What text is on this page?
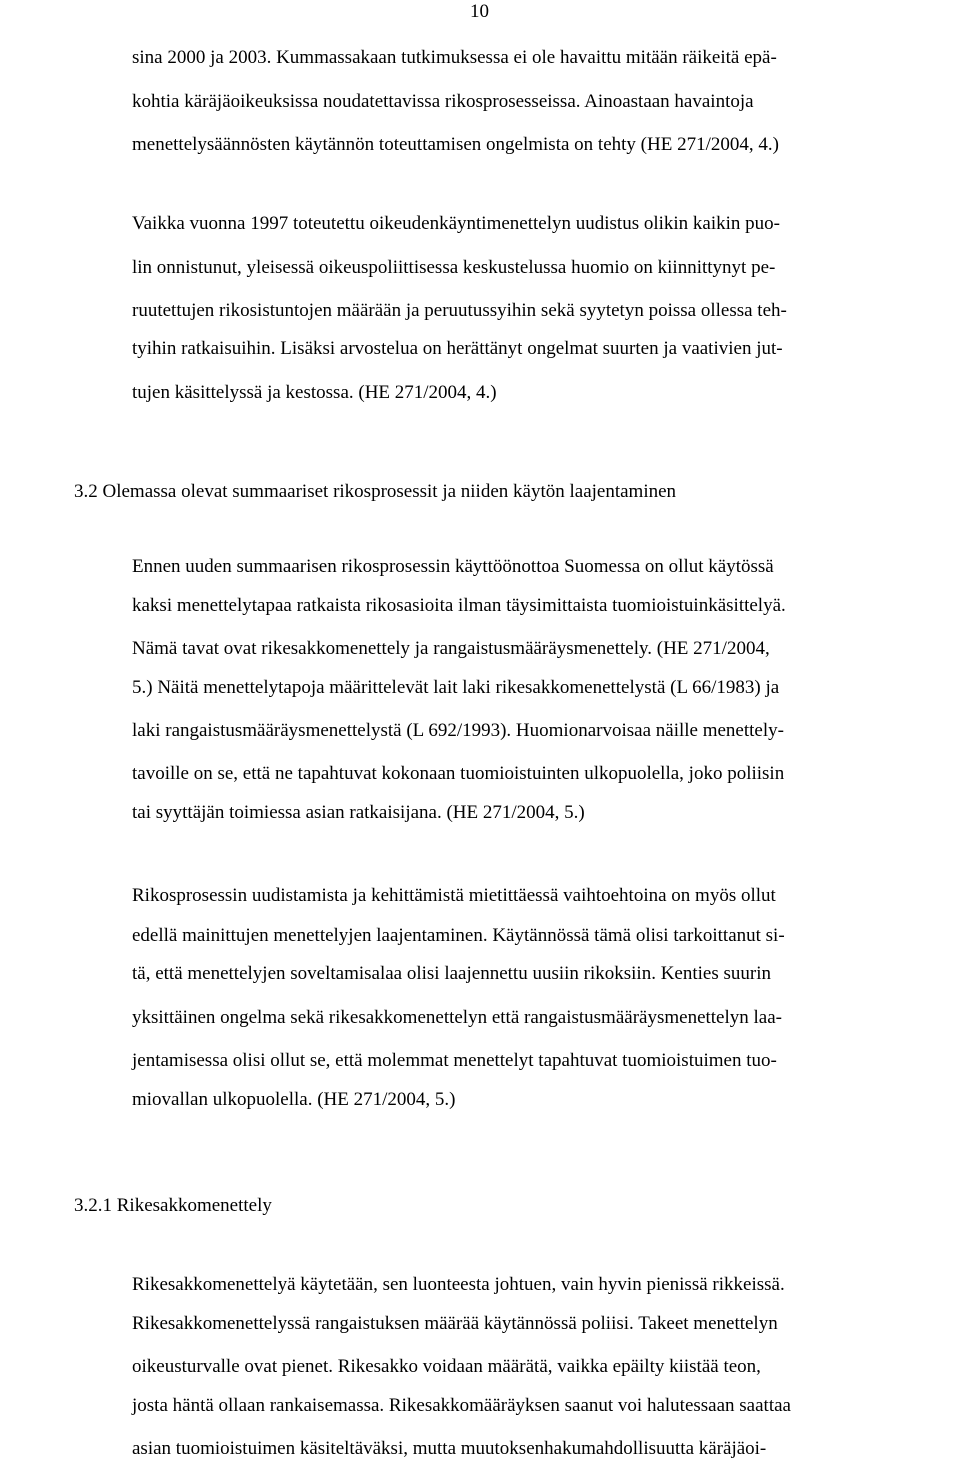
10
sina 2000 ja 2003. Kummassakaan tutkimuksessa ei ole havaittu mitään räikeitä epä-
kohtia käräjäoikeuksissa noudatettavissa rikosprosesseissa. Ainoastaan havaintoja
menettelysäännösten käytännön toteuttamisen ongelmista on tehty (HE 271/2004, 4.)
Vaikka vuonna 1997 toteutettu oikeudenkäyntimenettelyn uudistus olikin kaikin puo-
lin onnistunut, yleisessä oikeuspoliittisessa keskustelussa huomio on kiinnittynyt pe-
ruutettujen rikosistuntojen määrään ja peruutussyihin sekä syytetyn poissa ollessa teh-
tyihin ratkaisuihin. Lisäksi arvostelua on herättänyt ongelmat suurten ja vaativien jut-
tujen käsittelyssä ja kestossa. (HE 271/2004, 4.)
3.2 Olemassa olevat summaariset rikosprosessit ja niiden käytön laajentaminen
Ennen uuden summaarisen rikosprosessin käyttöönottoa Suomessa on ollut käytössä
kaksi menettelytapaa ratkaista rikosasioita ilman täysimittaista tuomioistuinkäsittelyä.
Nämä tavat ovat rikesakkomenettely ja rangaistusmääräysmenettely. (HE 271/2004,
5.) Näitä menettelytapoja määrittelevät lait laki rikesakkomenettelystä (L 66/1983) ja
laki rangaistusmääräysmenettelystä (L 692/1993). Huomionarvoisaa näille menettely-
tavoille on se, että ne tapahtuvat kokonaan tuomioistuinten ulkopuolella, joko poliisin
tai syyttäjän toimiessa asian ratkaisijana. (HE 271/2004, 5.)
Rikosprosessin uudistamista ja kehittämistä mietittäessä vaihtoehtoina on myös ollut
edellä mainittujen menettelyjen laajentaminen. Käytännössä tämä olisi tarkoittanut si-
tä, että menettelyjen soveltamisalaa olisi laajennettu uusiin rikoksiin. Kenties suurin
yksittäinen ongelma sekä rikesakkomenettelyn että rangaistusmääräysmenettelyn laa-
jentamisessa olisi ollut se, että molemmat menettelyt tapahtuvat tuomioistuimen tuo-
miovallan ulkopuolella. (HE 271/2004, 5.)
3.2.1 Rikesakkomenettely
Rikesakkomenettelyä käytetään, sen luonteesta johtuen, vain hyvin pienissä rikkeissä.
Rikesakkomenettelyssä rangaistuksen määrää käytännössä poliisi. Takeet menettelyn
oikeusturvalle ovat pienet. Rikesakko voidaan määrätä, vaikka epäilty kiistää teon,
josta häntä ollaan rankaisemassa. Rikesakkomääräyksen saanut voi halutessaan saattaa
asian tuomioistuimen käsiteltäväksi, mutta muutoksenhakumahdollisuutta käräjäoi-
